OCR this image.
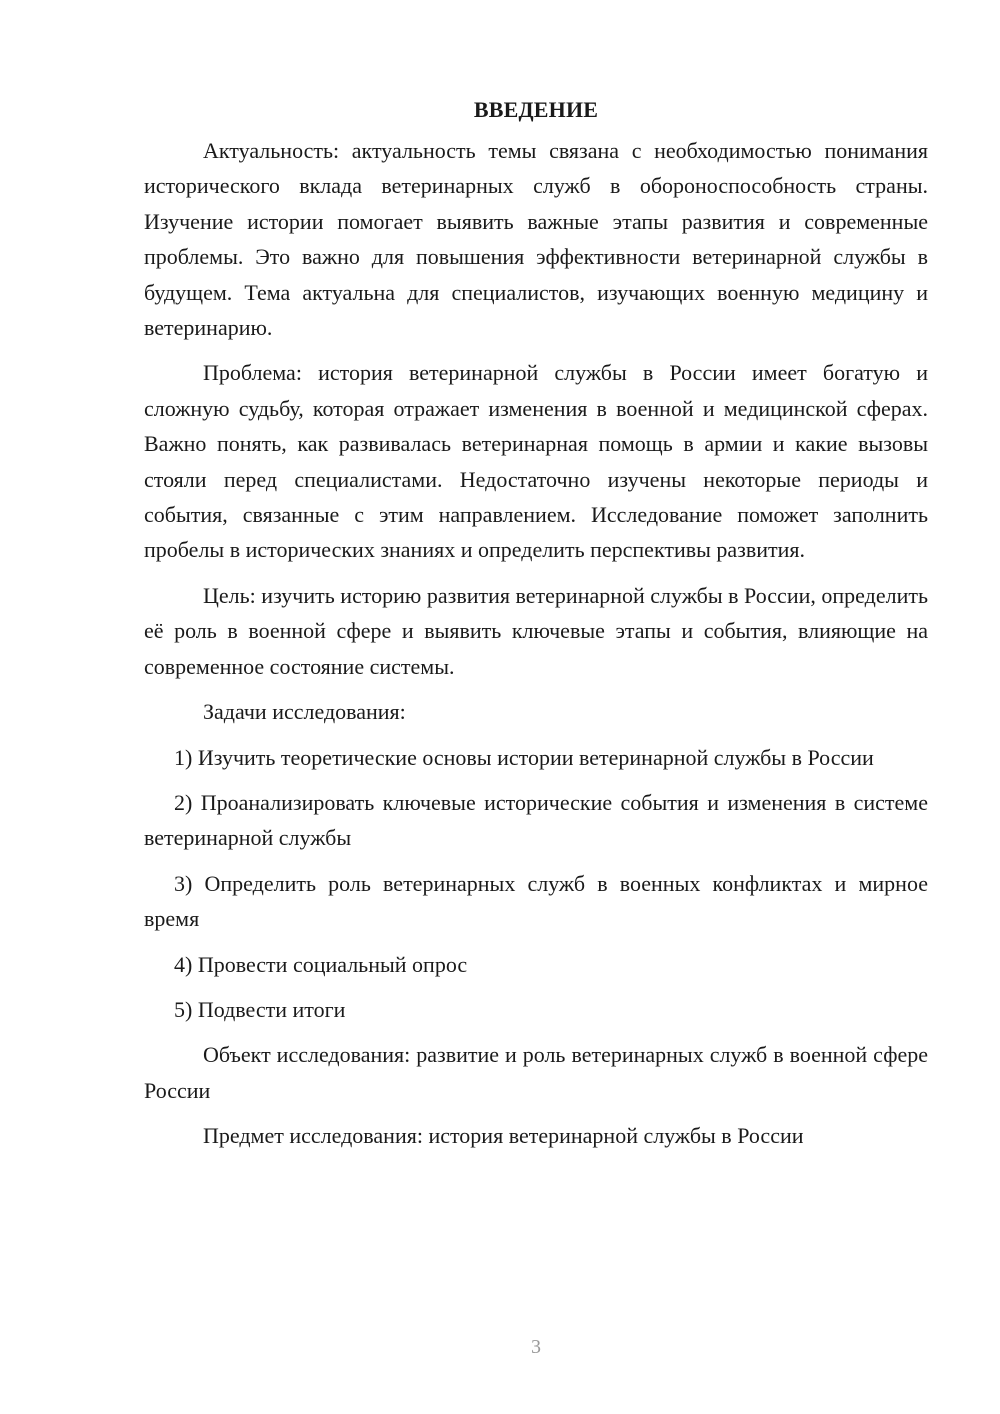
ВВЕДЕНИЕ

Актуальность: актуальность темы связана с необходимостью понимания исторического вклада ветеринарных служб в обороноспособность страны. Изучение истории помогает выявить важные этапы развития и современные проблемы. Это важно для повышения эффективности ветеринарной службы в будущем. Тема актуальна для специалистов, изучающих военную медицину и ветеринарию.

Проблема: история ветеринарной службы в России имеет богатую и сложную судьбу, которая отражает изменения в военной и медицинской сферах. Важно понять, как развивалась ветеринарная помощь в армии и какие вызовы стояли перед специалистами. Недостаточно изучены некоторые периоды и события, связанные с этим направлением. Исследование поможет заполнить пробелы в исторических знаниях и определить перспективы развития.

Цель: изучить историю развития ветеринарной службы в России, определить её роль в военной сфере и выявить ключевые этапы и события, влияющие на современное состояние системы.

Задачи исследования:

1) Изучить теоретические основы истории ветеринарной службы в России

2) Проанализировать ключевые исторические события и изменения в системе ветеринарной службы

3) Определить роль ветеринарных служб в военных конфликтах и мирное время

4) Провести социальный опрос

5) Подвести итоги

Объект исследования: развитие и роль ветеринарных служб в военной сфере России

Предмет исследования: история ветеринарной службы в России

3
